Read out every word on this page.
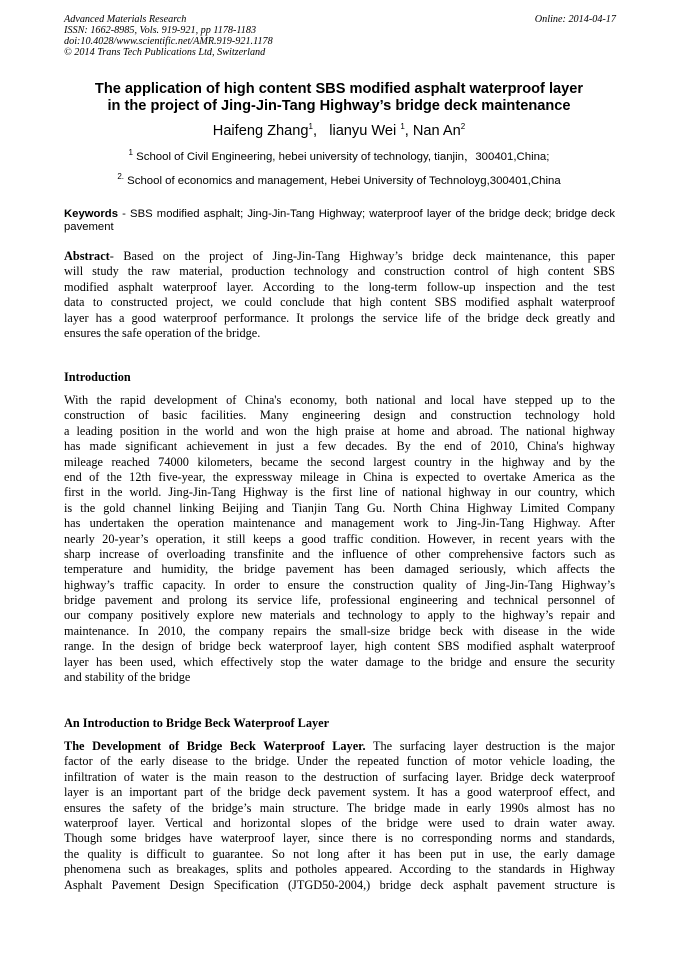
Advanced Materials Research
ISSN: 1662-8985, Vols. 919-921, pp 1178-1183
doi:10.4028/www.scientific.net/AMR.919-921.1178
© 2014 Trans Tech Publications Ltd, Switzerland
Online: 2014-04-17
The application of high content SBS modified asphalt waterproof layer
in the project of Jing-Jin-Tang Highway’s bridge deck maintenance
Haifeng Zhang$^1$,   lianyu Wei $^1$, Nan An$^2$
$^1$ School of Civil Engineering, hebei university of technology, tianjin，300401,China;
$^{2.}$ School of economics and management, Hebei University of Technoloyg,300401,China
Keywords - SBS modified asphalt; Jing-Jin-Tang Highway; waterproof layer of the bridge deck; bridge deck pavement
Abstract- Based on the project of Jing-Jin-Tang Highway’s bridge deck maintenance, this paper
will study the raw material, production technology and construction control of high content SBS
modified asphalt waterproof layer. According to the long-term follow-up inspection and the test
data to constructed project, we could conclude that high content SBS modified asphalt waterproof
layer has a good waterproof performance. It prolongs the service life of the bridge deck greatly and
ensures the safe operation of the bridge.
Introduction
With the rapid development of China's economy, both national and local have stepped up to the
construction of basic facilities. Many engineering design and construction technology hold
a leading position in the world and won the high praise at home and abroad. The national highway
has made significant achievement in just a few decades. By the end of 2010, China's highway
mileage reached 74000 kilometers, became the second largest country in the highway and by the
end of the 12th five-year, the expressway mileage in China is expected to overtake America as the
first in the world. Jing-Jin-Tang Highway is the first line of national highway in our country, which
is the gold channel linking Beijing and Tianjin Tang Gu. North China Highway Limited Company
has undertaken the operation maintenance and management work to Jing-Jin-Tang Highway. After
nearly 20-year’s operation, it still keeps a good traffic condition. However, in recent years with the
sharp increase of overloading transfinite and the influence of other comprehensive factors such as
temperature and humidity, the bridge pavement has been damaged seriously, which affects the
highway’s traffic capacity. In order to ensure the construction quality of Jing-Jin-Tang Highway’s
bridge pavement and prolong its service life, professional engineering and technical personnel of
our company positively explore new materials and technology to apply to the highway’s repair and
maintenance. In 2010, the company repairs the small-size bridge beck with disease in the wide
range. In the design of bridge beck waterproof layer, high content SBS modified asphalt waterproof
layer has been used, which effectively stop the water damage to the bridge and ensure the security
and stability of the bridge
An Introduction to Bridge Beck Waterproof Layer
The Development of Bridge Beck Waterproof Layer. The surfacing layer destruction is the major
factor of the early disease to the bridge. Under the repeated function of motor vehicle loading, the
infiltration of water is the main reason to the destruction of surfacing layer. Bridge deck waterproof
layer is an important part of the bridge deck pavement system. It has a good waterproof effect, and
ensures the safety of the bridge’s main structure. The bridge made in early 1990s almost has no
waterproof layer. Vertical and horizontal slopes of the bridge were used to drain water away.
Though some bridges have waterproof layer, since there is no corresponding norms and standards,
the quality is difficult to guarantee. So not long after it has been put in use, the early damage
phenomena such as breakages, splits and potholes appeared. According to the standards in Highway
Asphalt Pavement Design Specification (JTGD50-2004,) bridge deck asphalt pavement structure is
